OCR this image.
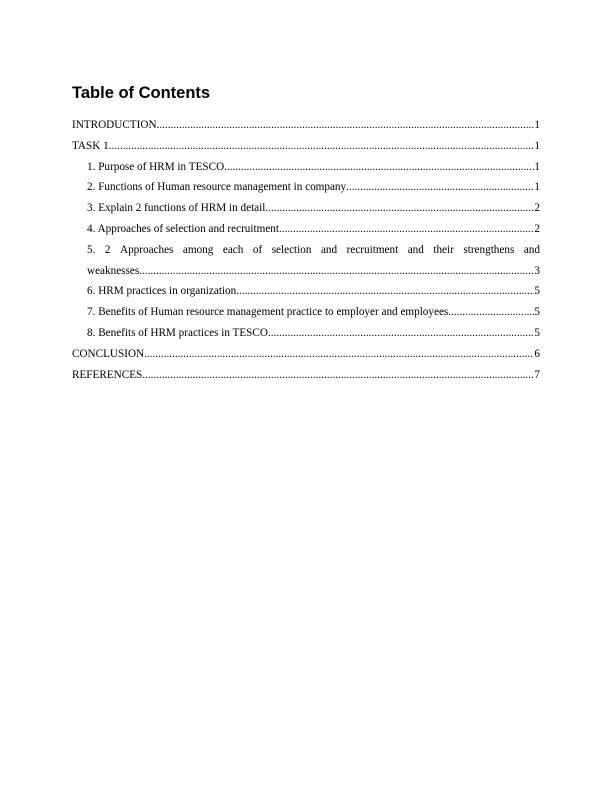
Table of Contents
INTRODUCTION .....	1
TASK 1 .....	1
1. Purpose of HRM in TESCO .....	1
2. Functions of Human resource management in company .....	1
3. Explain 2 functions of HRM in detail .....	2
4. Approaches of selection and recruitment .....	2
5. 2 Approaches among each of selection and recruitment and their strengthens and
weaknesses .....	3
6. HRM practices in organization .....	5
7. Benefits of Human resource management practice to employer and employees .....	5
8. Benefits of HRM practices in TESCO .....	5
CONCLUSION .....	6
REFERENCES .....	7
